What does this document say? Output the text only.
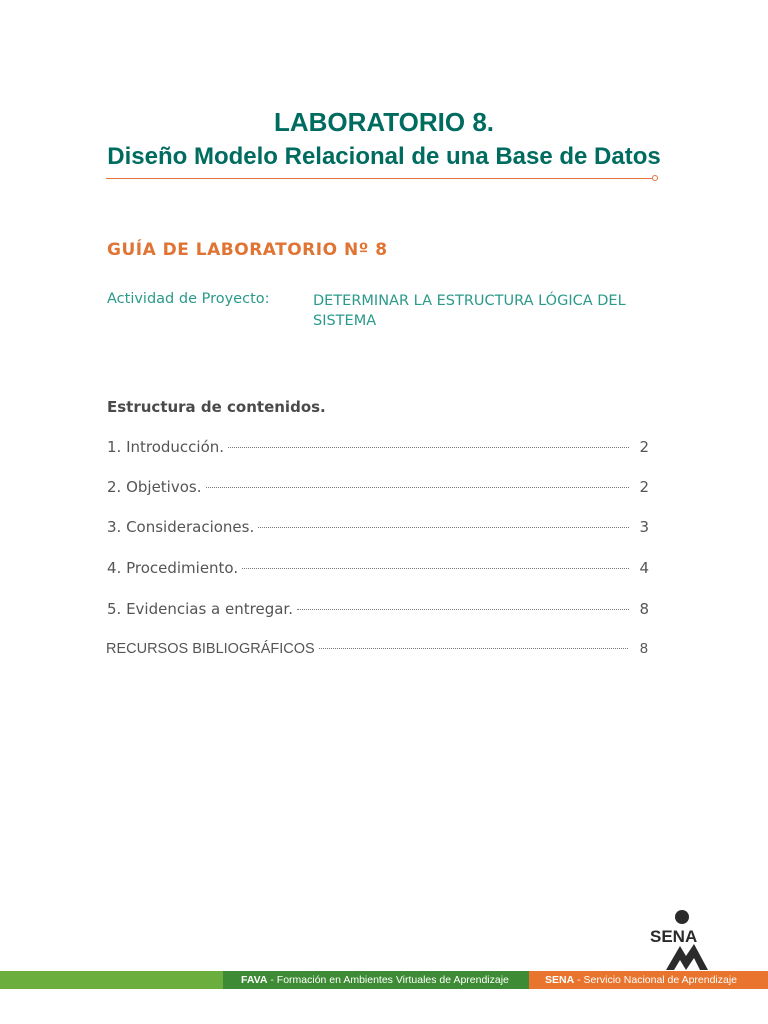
LABORATORIO 8.
Diseño Modelo Relacional de una Base de Datos
GUÍA DE LABORATORIO Nº 8
Actividad de Proyecto:	DETERMINAR LA ESTRUCTURA LÓGICA DEL SISTEMA
Estructura de contenidos.
1. Introducción.	2
2. Objetivos.	2
3. Consideraciones.	3
4. Procedimiento.	4
5. Evidencias a entregar.	8
RECURSOS BIBLIOGRÁFICOS	8
SENA
FAVA - Formación en Ambientes Virtuales de Aprendizaje	SENA - Servicio Nacional de Aprendizaje
